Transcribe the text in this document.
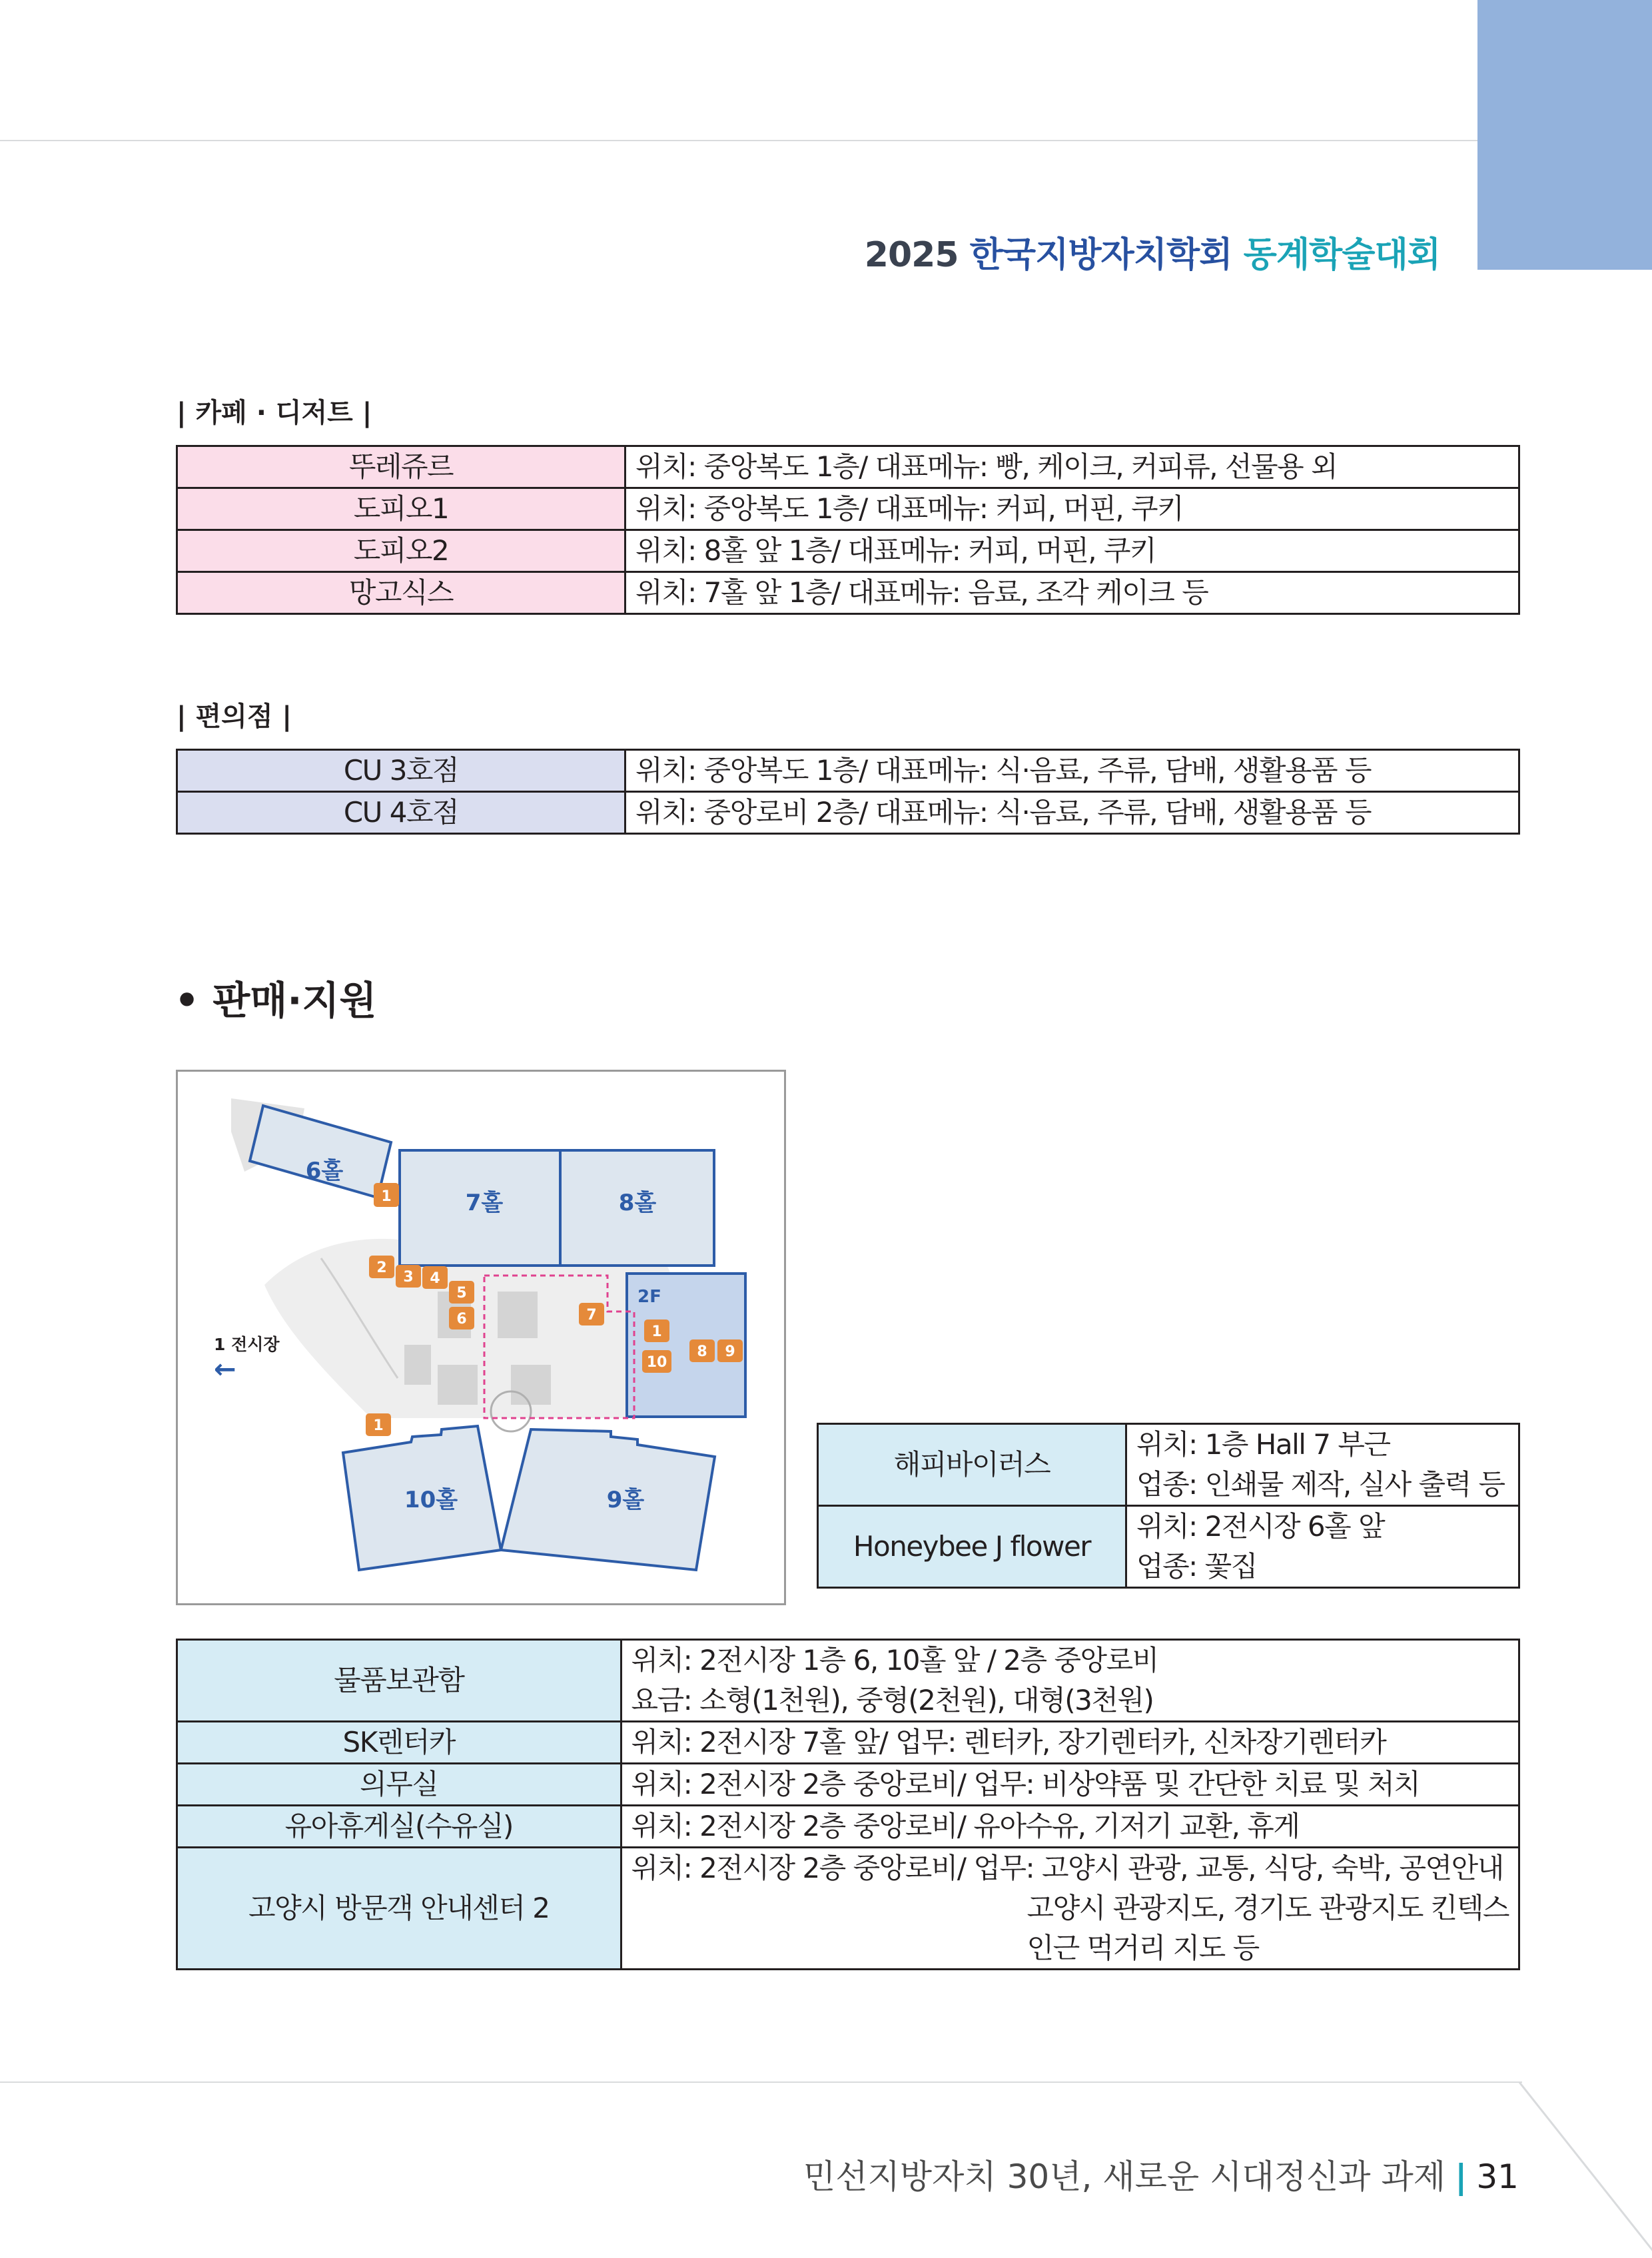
2025 한국지방자치학회 동계학술대회
| 카페 · 디저트 |
뚜레쥬르	위치: 중앙복도 1층/ 대표메뉴: 빵, 케이크, 커피류, 선물용 외
도피오1	위치: 중앙복도 1층/ 대표메뉴: 커피, 머핀, 쿠키
도피오2	위치: 8홀 앞 1층/ 대표메뉴: 커피, 머핀, 쿠키
망고식스	위치: 7홀 앞 1층/ 대표메뉴: 음료, 조각 케이크 등
| 편의점 |
CU 3호점	위치: 중앙복도 1층/ 대표메뉴: 식·음료, 주류, 담배, 생활용품 등
CU 4호점	위치: 중앙로비 2층/ 대표메뉴: 식·음료, 주류, 담배, 생활용품 등
• 판매·지원
6홀
7홀	8홀
10홀	9홀
2F
1 전시장
←
1
2
3 4
5
6	7
1
10
8 9
1
해피바이러스	위치: 1층 Hall 7 부근
업종: 인쇄물 제작, 실사 출력 등

Honeybee J flower	위치: 2전시장 6홀 앞
업종: 꽃집
물품보관함	위치: 2전시장 1층 6, 10홀 앞 / 2층 중앙로비
요금: 소형(1천원), 중형(2천원), 대형(3천원)

SK렌터카	위치: 2전시장 7홀 앞/ 업무: 렌터카, 장기렌터카, 신차장기렌터카

의무실	위치: 2전시장 2층 중앙로비/ 업무: 비상약품 및 간단한 치료 및 처치

유아휴게실(수유실)	위치: 2전시장 2층 중앙로비/ 유아수유, 기저기 교환, 휴게

고양시 방문객 안내센터 2	위치: 2전시장 2층 중앙로비/ 업무: 고양시 관광, 교통, 식당, 숙박, 공연안내
고양시 관광지도, 경기도 관광지도 킨텍스
인근 먹거리 지도 등
민선지방자치 30년, 새로운 시대정신과 과제 | 31
